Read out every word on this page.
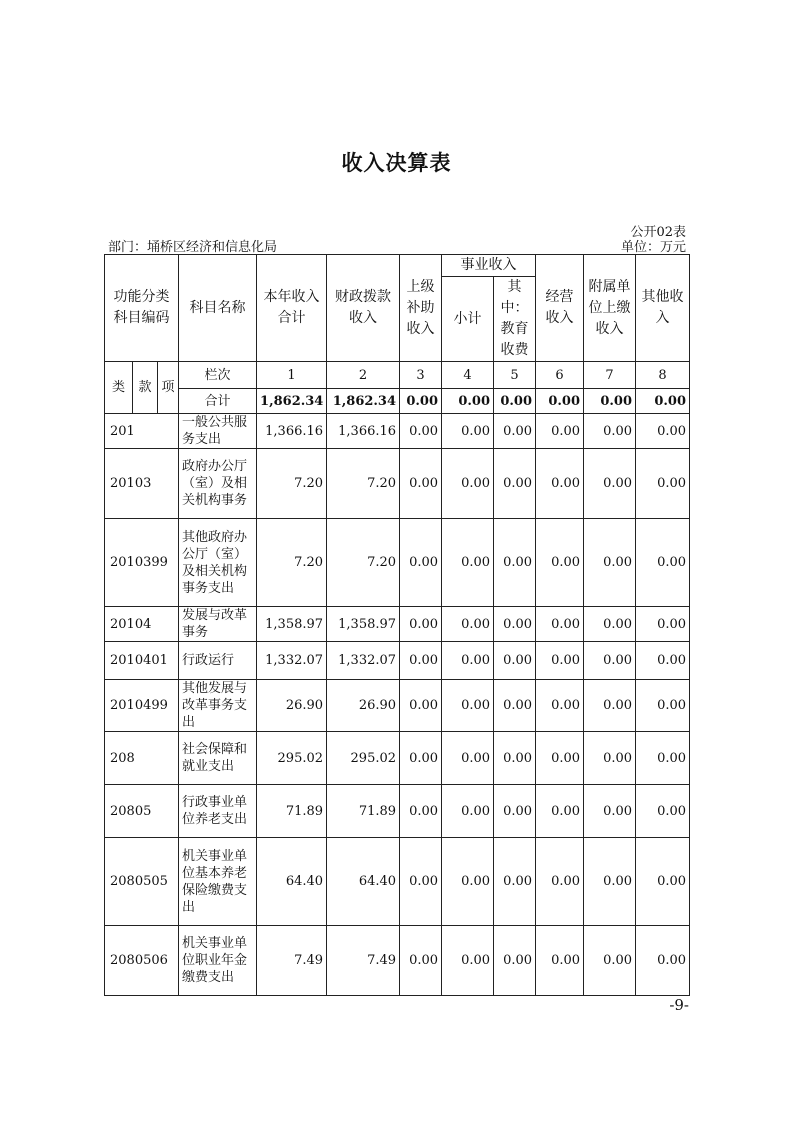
收入决算表
公开02表
部门：埇桥区经济和信息化局	单位：万元
功能分类科目编码			科目名称	本年收入合计	财政拨款收入	上级补助收入	事业收入		经营收入	附属单位上缴收入	其他收入
							小计	其中：教育收费			
类	款	项	栏次	1	2	3	4	5	6	7	8
			合计	1,862.34	1,862.34	0.00	0.00	0.00	0.00	0.00	0.00
201			一般公共服务支出	1,366.16	1,366.16	0.00	0.00	0.00	0.00	0.00	0.00
20103			政府办公厅（室）及相关机构事务	7.20	7.20	0.00	0.00	0.00	0.00	0.00	0.00
2010399			其他政府办公厅（室）及相关机构事务支出	7.20	7.20	0.00	0.00	0.00	0.00	0.00	0.00
20104			发展与改革事务	1,358.97	1,358.97	0.00	0.00	0.00	0.00	0.00	0.00
2010401			行政运行	1,332.07	1,332.07	0.00	0.00	0.00	0.00	0.00	0.00
2010499			其他发展与改革事务支出	26.90	26.90	0.00	0.00	0.00	0.00	0.00	0.00
208			社会保障和就业支出	295.02	295.02	0.00	0.00	0.00	0.00	0.00	0.00
20805			行政事业单位养老支出	71.89	71.89	0.00	0.00	0.00	0.00	0.00	0.00
2080505			机关事业单位基本养老保险缴费支出	64.40	64.40	0.00	0.00	0.00	0.00	0.00	0.00
2080506			机关事业单位职业年金缴费支出	7.49	7.49	0.00	0.00	0.00	0.00	0.00	0.00
-9-
